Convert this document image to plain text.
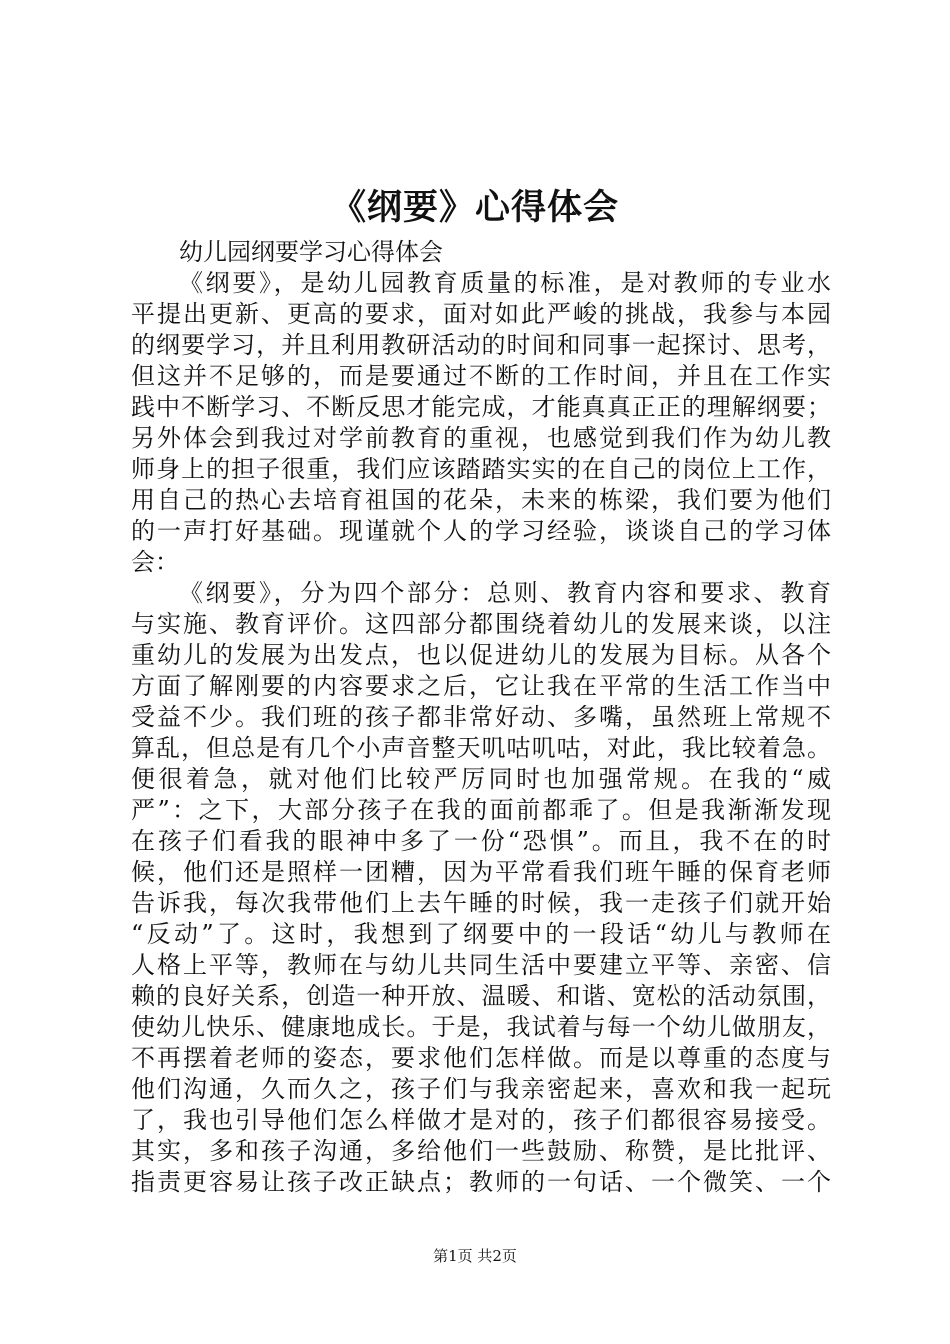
《纲要》心得体会
幼儿园纲要学习心得体会
《纲要》，是幼儿园教育质量的标准，是对教师的专业水
平提出更新、更高的要求，面对如此严峻的挑战，我参与本园
的纲要学习，并且利用教研活动的时间和同事一起探讨、思考，
但这并不足够的，而是要通过不断的工作时间，并且在工作实
践中不断学习、不断反思才能完成，才能真真正正的理解纲要；
另外体会到我过对学前教育的重视，也感觉到我们作为幼儿教
师身上的担子很重，我们应该踏踏实实的在自己的岗位上工作，
用自己的热心去培育祖国的花朵，未来的栋梁，我们要为他们
的一声打好基础。现谨就个人的学习经验，谈谈自己的学习体
会：
《纲要》，分为四个部分：总则、教育内容和要求、教育
与实施、教育评价。这四部分都围绕着幼儿的发展来谈，以注
重幼儿的发展为出发点，也以促进幼儿的发展为目标。从各个
方面了解刚要的内容要求之后，它让我在平常的生活工作当中
受益不少。我们班的孩子都非常好动、多嘴，虽然班上常规不
算乱，但总是有几个小声音整天叽咕叽咕，对此，我比较着急。
便很着急，就对他们比较严厉同时也加强常规。在我的“威
严”：之下，大部分孩子在我的面前都乖了。但是我渐渐发现
在孩子们看我的眼神中多了一份“恐惧”。而且，我不在的时
候，他们还是照样一团糟，因为平常看我们班午睡的保育老师
告诉我，每次我带他们上去午睡的时候，我一走孩子们就开始
“反动”了。这时，我想到了纲要中的一段话“幼儿与教师在
人格上平等，教师在与幼儿共同生活中要建立平等、亲密、信
赖的良好关系，创造一种开放、温暖、和谐、宽松的活动氛围，
使幼儿快乐、健康地成长。于是，我试着与每一个幼儿做朋友，
不再摆着老师的姿态，要求他们怎样做。而是以尊重的态度与
他们沟通，久而久之，孩子们与我亲密起来，喜欢和我一起玩
了，我也引导他们怎么样做才是对的，孩子们都很容易接受。
其实，多和孩子沟通，多给他们一些鼓励、称赞，是比批评、
指责更容易让孩子改正缺点；教师的一句话、一个微笑、一个
第1页 共2页
